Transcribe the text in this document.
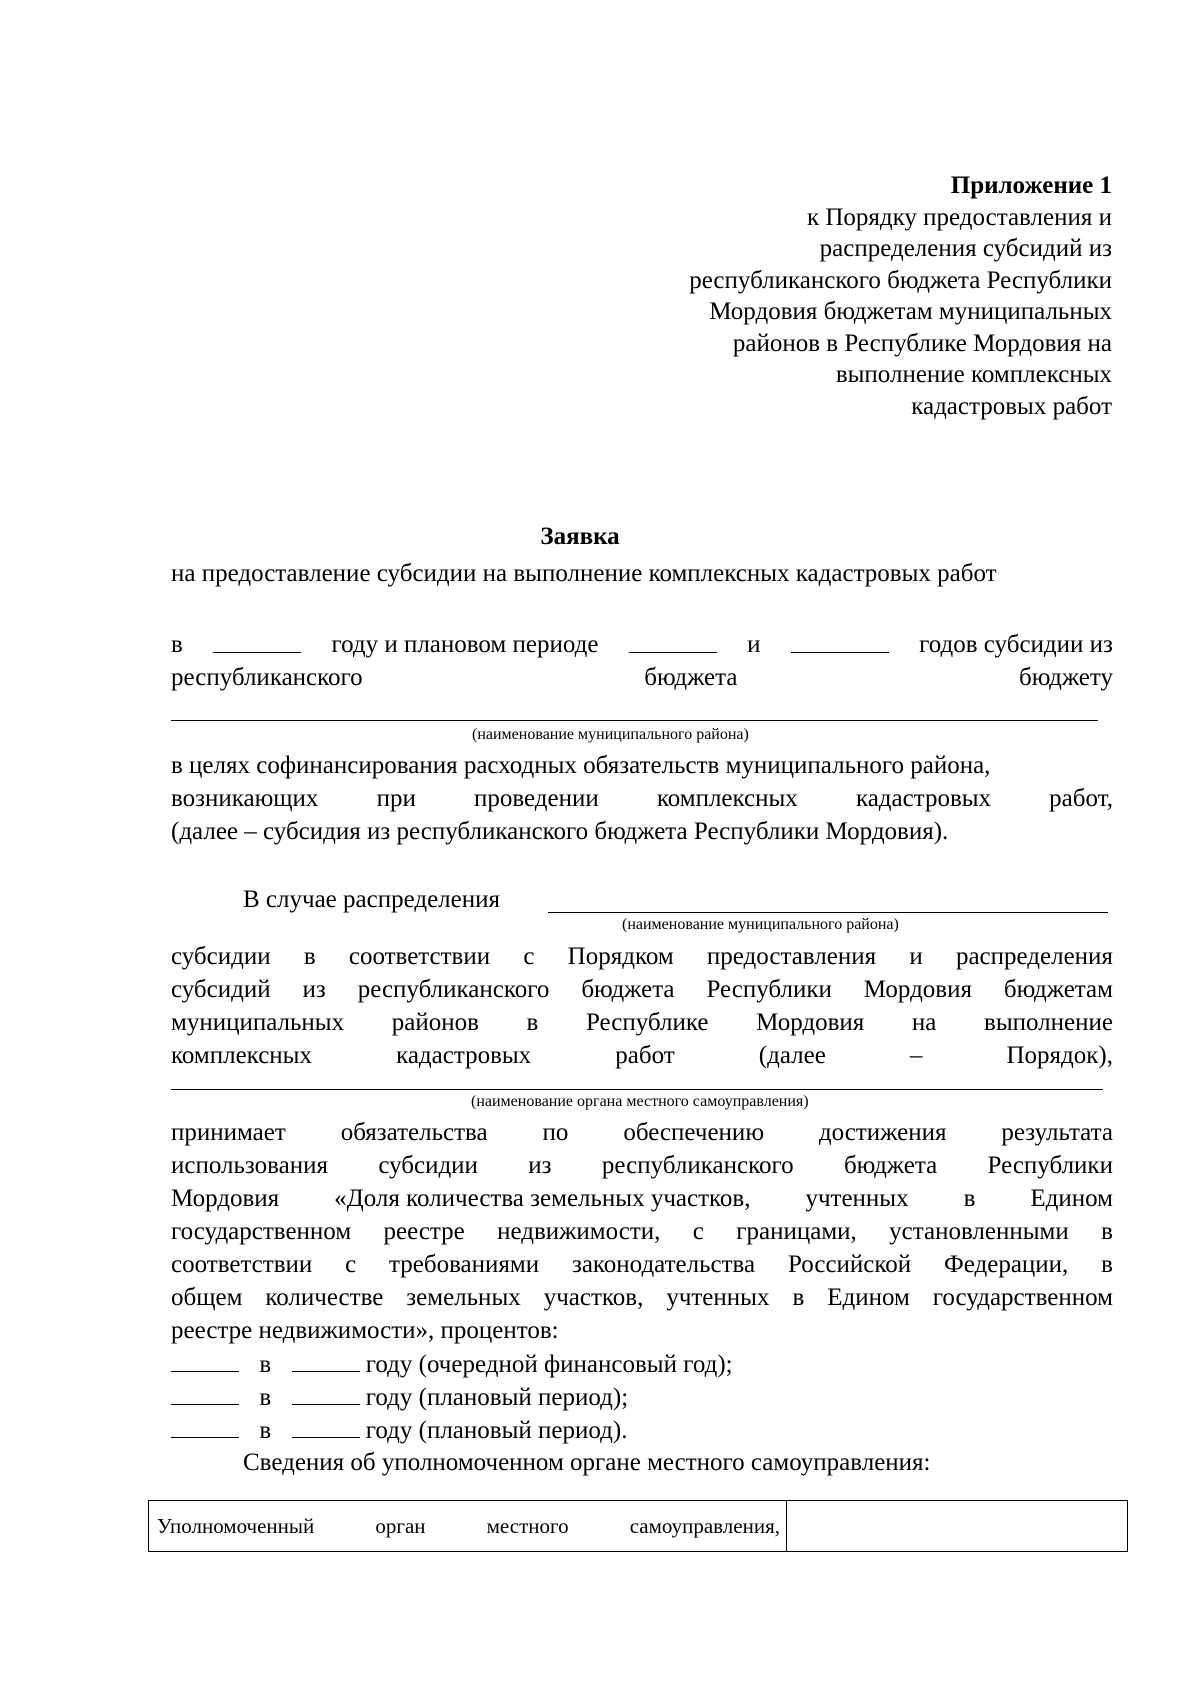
Приложение 1
к Порядку предоставления и
распределения субсидий из
республиканского бюджета Республики
Мордовия бюджетам муниципальных
районов в Республике Мордовия на
выполнение комплексных
кадастровых работ
Заявка
на предоставление субсидии на выполнение комплексных кадастровых работ
в	году и плановом периоде	и	годов субсидии из
республиканского	бюджета	бюджету
(наименование муниципального района)
в целях софинансирования расходных обязательств муниципального района,
возникающих при проведении комплексных кадастровых работ,
(далее – субсидия из республиканского бюджета Республики Мордовия).
В случае распределения
(наименование муниципального района)
субсидии в соответствии с Порядком предоставления и распределения
субсидий из республиканского бюджета Республики Мордовия бюджетам
муниципальных районов в Республике Мордовия на выполнение
комплексных	кадастровых	работ	(далее	–	Порядок),
(наименование органа местного самоуправления)
принимает обязательства по обеспечению достижения результата
использования субсидии из республиканского бюджета Республики
Мордовия «Доля количества земельных участков, учтенных в Едином
государственном реестре недвижимости, с границами, установленными в
соответствии с требованиями законодательства Российской Федерации, в
общем количестве земельных участков, учтенных в Едином государственном
реестре недвижимости», процентов:
в	году (очередной финансовый год);
в	году (плановый период);
в	году (плановый период).
Сведения об уполномоченном органе местного самоуправления:
Уполномоченный	орган	местного	самоуправления,
